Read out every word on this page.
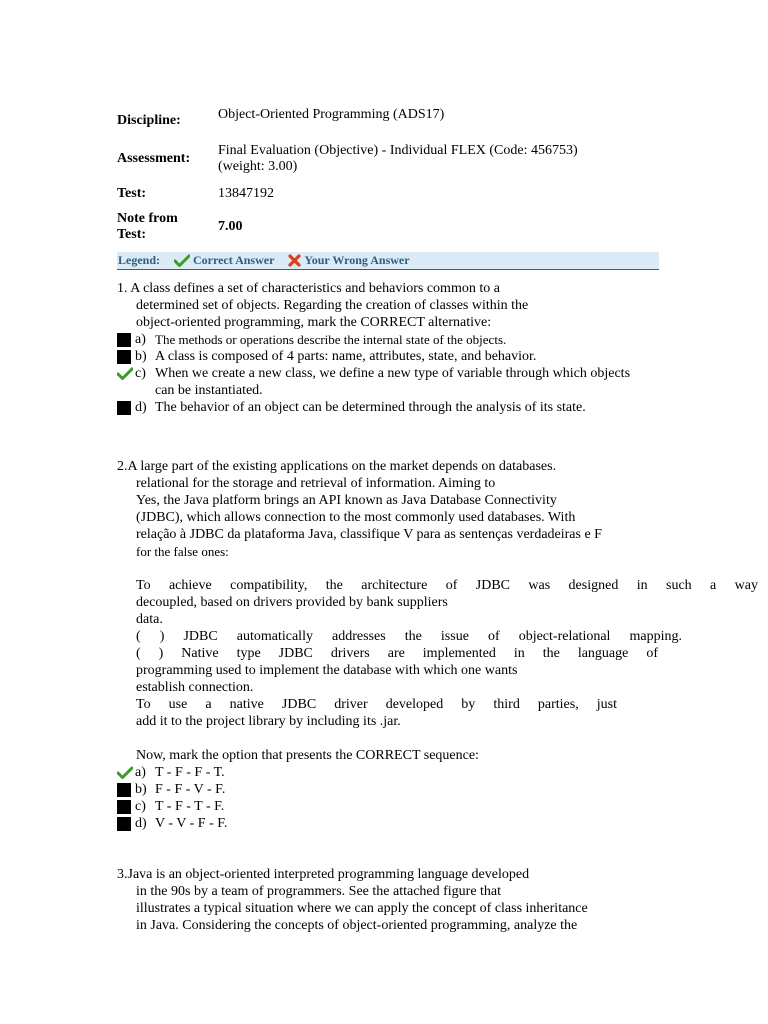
Discipline:	Object-Oriented Programming (ADS17)
Assessment:	Final Evaluation (Objective) - Individual FLEX (Code: 456753)
(weight: 3.00)

Test:	13847192

Note from
Test:	7.00
Legend:	Correct Answer	Your Wrong Answer
1. A class defines a set of characteristics and behaviors common to a
determined set of objects. Regarding the creation of classes within the
object-oriented programming, mark the CORRECT alternative:
a) The methods or operations describe the internal state of the objects.
b) A class is composed of 4 parts: name, attributes, state, and behavior.
c) When we create a new class, we define a new type of variable through which objects can be instantiated.
d) The behavior of an object can be determined through the analysis of its state.
2.A large part of the existing applications on the market depends on databases.
relational for the storage and retrieval of information. Aiming to
Yes, the Java platform brings an API known as Java Database Connectivity
(JDBC), which allows connection to the most commonly used databases. With
relação à JDBC da plataforma Java, classifique V para as sentenças verdadeiras e F
for the false ones:
To achieve compatibility, the architecture of JDBC was designed in such a way
decoupled, based on drivers provided by bank suppliers
data.
( ) JDBC automatically addresses the issue of object-relational mapping.
( ) Native type JDBC drivers are implemented in the language of
programming used to implement the database with which one wants
establish connection.
To use a native JDBC driver developed by third parties, just
add it to the project library by including its .jar.
Now, mark the option that presents the CORRECT sequence:
a) T - F - F - T.
b) F - F - V - F.
c) T - F - T - F.
d) V - V - F - F.
3.Java is an object-oriented interpreted programming language developed
in the 90s by a team of programmers. See the attached figure that
illustrates a typical situation where we can apply the concept of class inheritance
in Java. Considering the concepts of object-oriented programming, analyze the
